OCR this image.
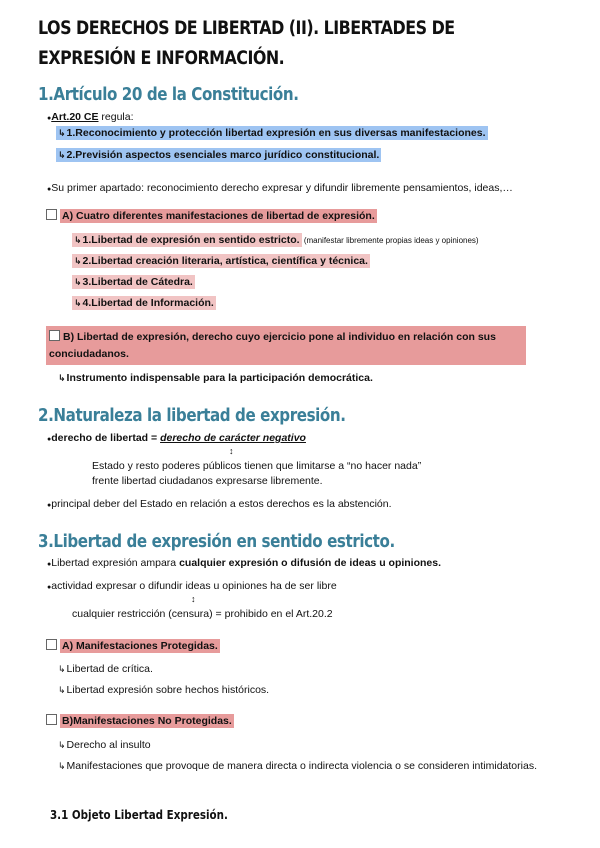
LOS DERECHOS DE LIBERTAD (II). LIBERTADES DE EXPRESIÓN E INFORMACIÓN.
1.Artículo 20 de la Constitución.
●Art.20 CE regula:
↳1.Reconocimiento y protección libertad expresión en sus diversas manifestaciones.
↳2.Previsión aspectos esenciales marco jurídico constitucional.
●Su primer apartado: reconocimiento derecho expresar y difundir libremente pensamientos, ideas,…
A) Cuatro diferentes manifestaciones de libertad de expresión.
↳1.Libertad de expresión en sentido estricto. (manifestar libremente propias ideas y opiniones)
↳2.Libertad creación literaria, artística, científica y técnica.
↳3.Libertad de Cátedra.
↳4.Libertad de Información.
B) Libertad de expresión, derecho cuyo ejercicio pone al individuo en relación con sus conciudadanos.
↳Instrumento indispensable para la participación democrática.
2.Naturaleza la libertad de expresión.
●derecho de libertad = derecho de carácter negativo
↕
Estado y resto poderes públicos tienen que limitarse a “no hacer nada”
frente libertad ciudadanos expresarse libremente.
●principal deber del Estado en relación a estos derechos es la abstención.
3.Libertad de expresión en sentido estricto.
●Libertad expresión ampara cualquier expresión o difusión de ideas u opiniones.
●actividad expresar o difundir ideas u opiniones ha de ser libre
↕
cualquier restricción (censura) = prohibido en el Art.20.2
A) Manifestaciones Protegidas.
↳Libertad de crítica.
↳Libertad expresión sobre hechos históricos.
B)Manifestaciones No Protegidas.
↳Derecho al insulto
↳Manifestaciones que provoque de manera directa o indirecta violencia o se consideren intimidatorias.
3.1 Objeto Libertad Expresión.
